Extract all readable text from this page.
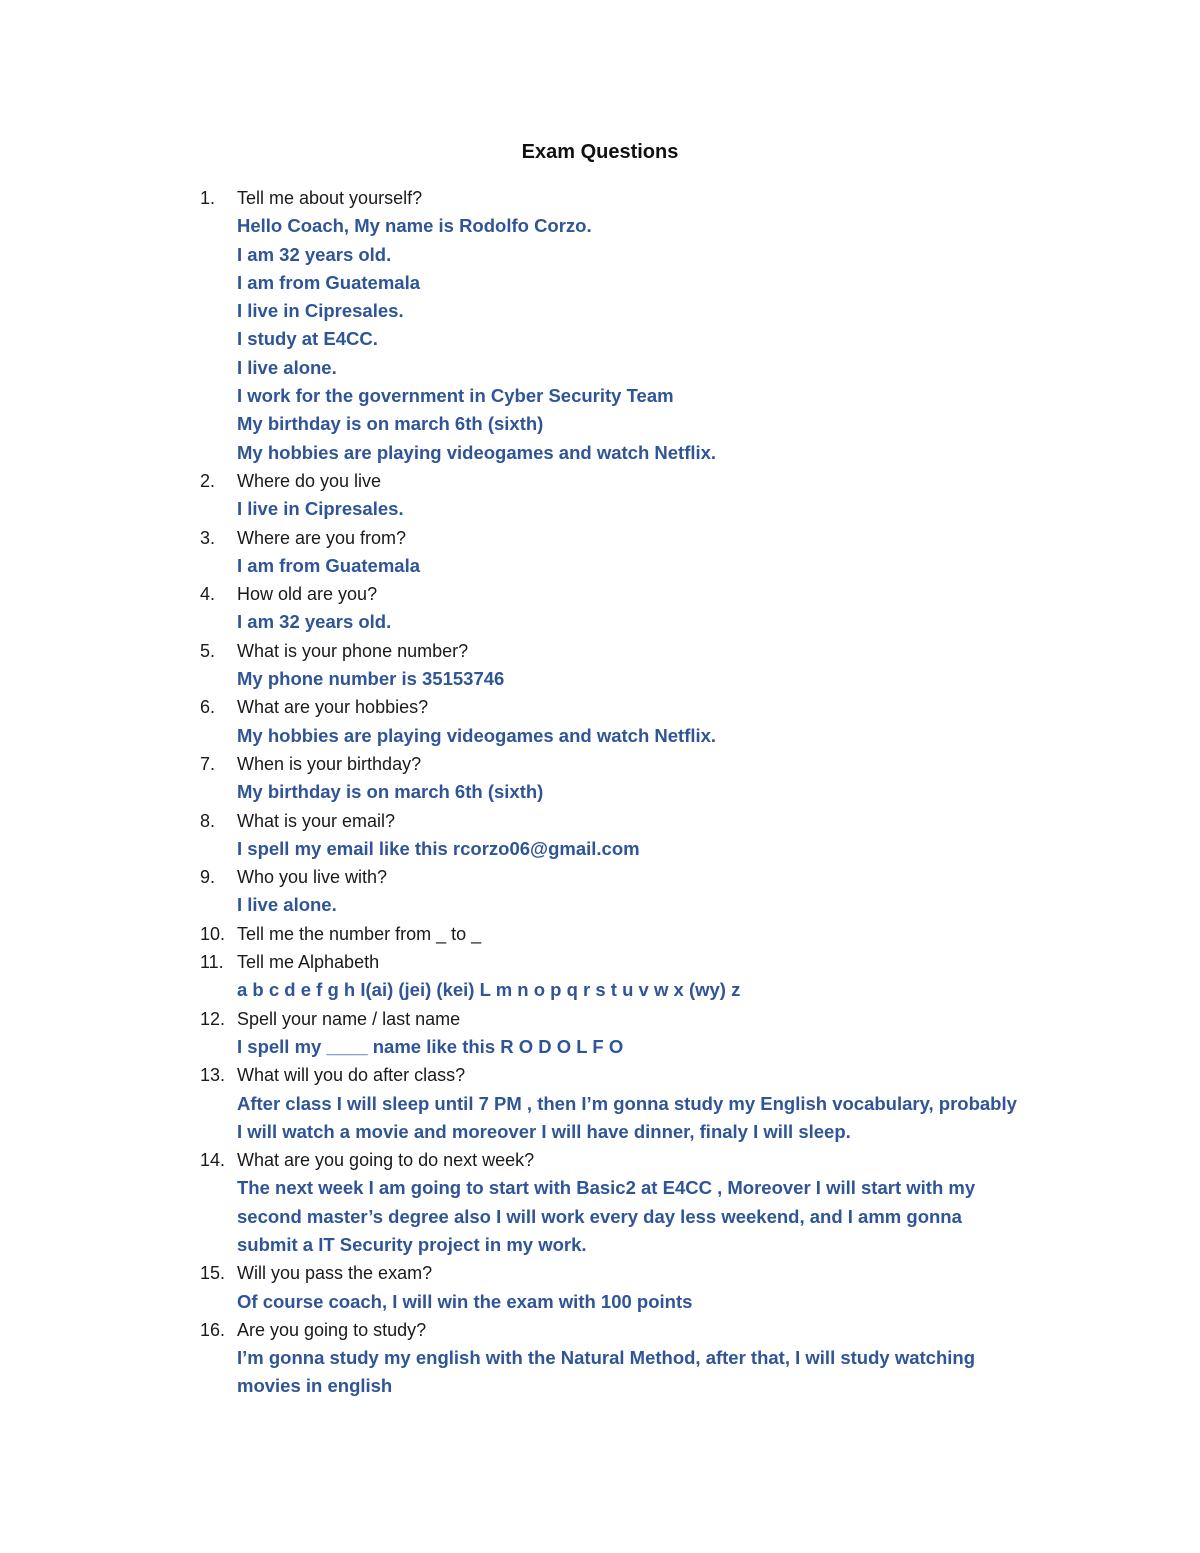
Exam Questions
1.	Tell me about yourself?
Hello Coach, My name is Rodolfo Corzo.
I am 32 years old.
I am from Guatemala
I live in Cipresales.
I study at E4CC.
I live alone.
I work for the government in Cyber Security Team
My birthday is on march 6th (sixth)
My hobbies are playing videogames and watch Netflix.
2.	Where do you live
I live in Cipresales.
3.	Where are you from?
I am from Guatemala
4.	How old are you?
I am 32 years old.
5.	What is your phone number?
My phone number is 35153746
6.	What are your hobbies?
My hobbies are playing videogames and watch Netflix.
7.	When is your birthday?
My birthday is on march 6th (sixth)
8.	What is your email?
I spell my email like this rcorzo06@gmail.com
9.	Who you live with?
I live alone.
10. Tell me the number from _ to _
11. Tell me Alphabeth
a b c d e f g h I(ai) (jei) (kei) L m n o p q r s t u v w x (wy) z
12. Spell your name / last name
I spell my ____ name like this R O D O L F O
13. What will you do after class?
After class I will sleep until 7 PM , then I’m gonna study my English vocabulary, probably
I will watch a movie and moreover I will have dinner, finaly I will sleep.
14. What are you going to do next week?
The next week I am going to start with Basic2 at E4CC , Moreover I will start with my
second master’s degree also I will work every day less weekend, and I amm gonna
submit a IT Security project in my work.
15. Will you pass the exam?
Of course coach, I will win the exam with 100 points
16. Are you going to study?
I’m gonna study my english with the Natural Method, after that, I will study watching
movies in english
